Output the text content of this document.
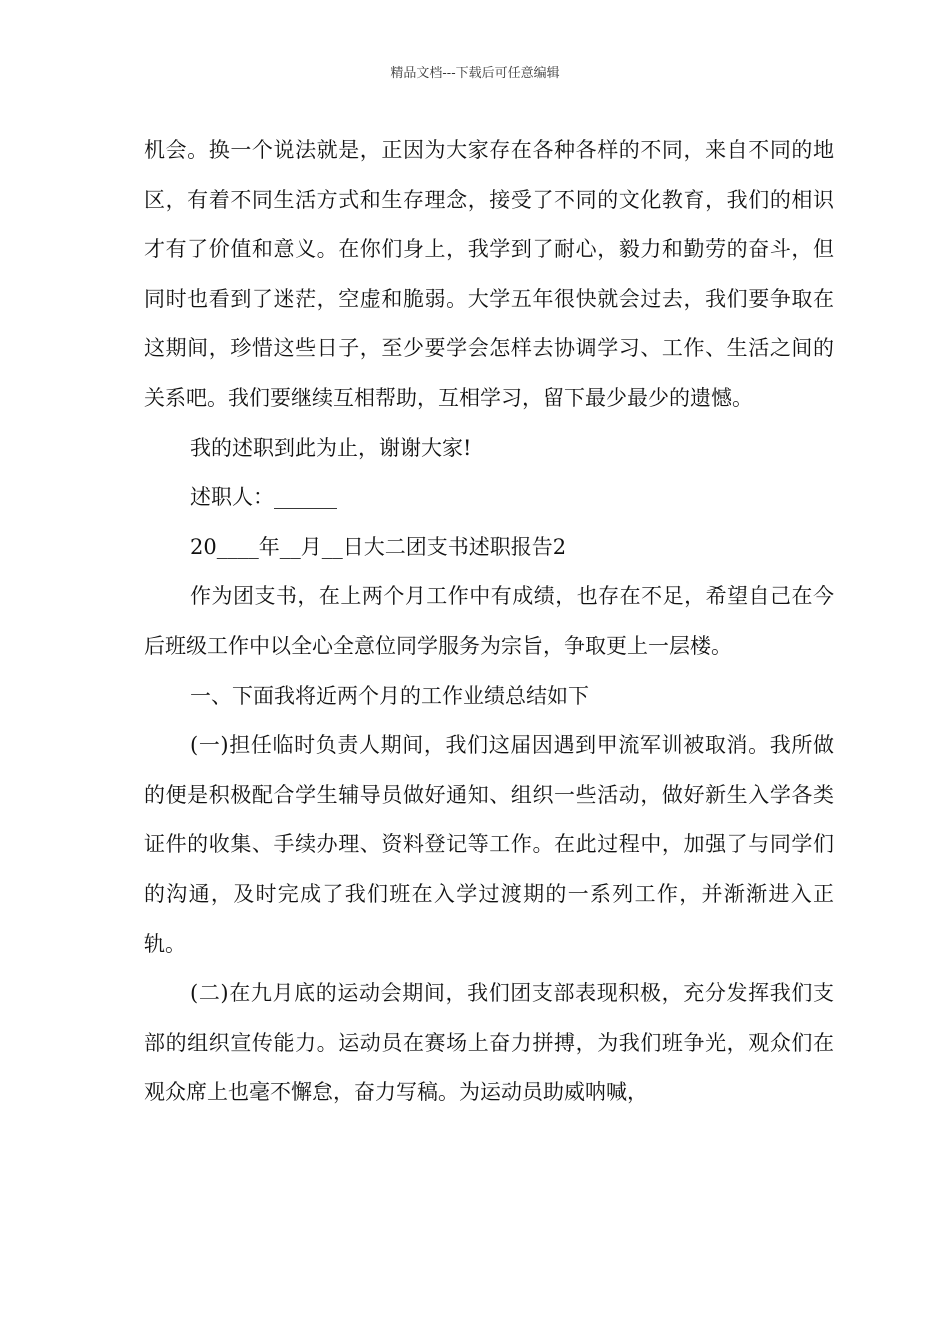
精品文档---下载后可任意编辑

机会。换一个说法就是，正因为大家存在各种各样的不同，来自不同的地区，有着不同生活方式和生存理念，接受了不同的文化教育，我们的相识才有了价值和意义。在你们身上，我学到了耐心，毅力和勤劳的奋斗，但同时也看到了迷茫，空虚和脆弱。大学五年很快就会过去，我们要争取在这期间，珍惜这些日子，至少要学会怎样去协调学习、工作、生活之间的关系吧。我们要继续互相帮助，互相学习，留下最少最少的遗憾。

我的述职到此为止，谢谢大家!

述职人：______

20____年__月__日大二团支书述职报告2

作为团支书，在上两个月工作中有成绩，也存在不足，希望自己在今后班级工作中以全心全意位同学服务为宗旨，争取更上一层楼。

一、下面我将近两个月的工作业绩总结如下

(一)担任临时负责人期间，我们这届因遇到甲流军训被取消。我所做的便是积极配合学生辅导员做好通知、组织一些活动，做好新生入学各类证件的收集、手续办理、资料登记等工作。在此过程中，加强了与同学们的沟通，及时完成了我们班在入学过渡期的一系列工作，并渐渐进入正轨。

(二)在九月底的运动会期间，我们团支部表现积极，充分发挥我们支部的组织宣传能力。运动员在赛场上奋力拼搏，为我们班争光，观众们在观众席上也毫不懈怠，奋力写稿。为运动员助威呐喊，
